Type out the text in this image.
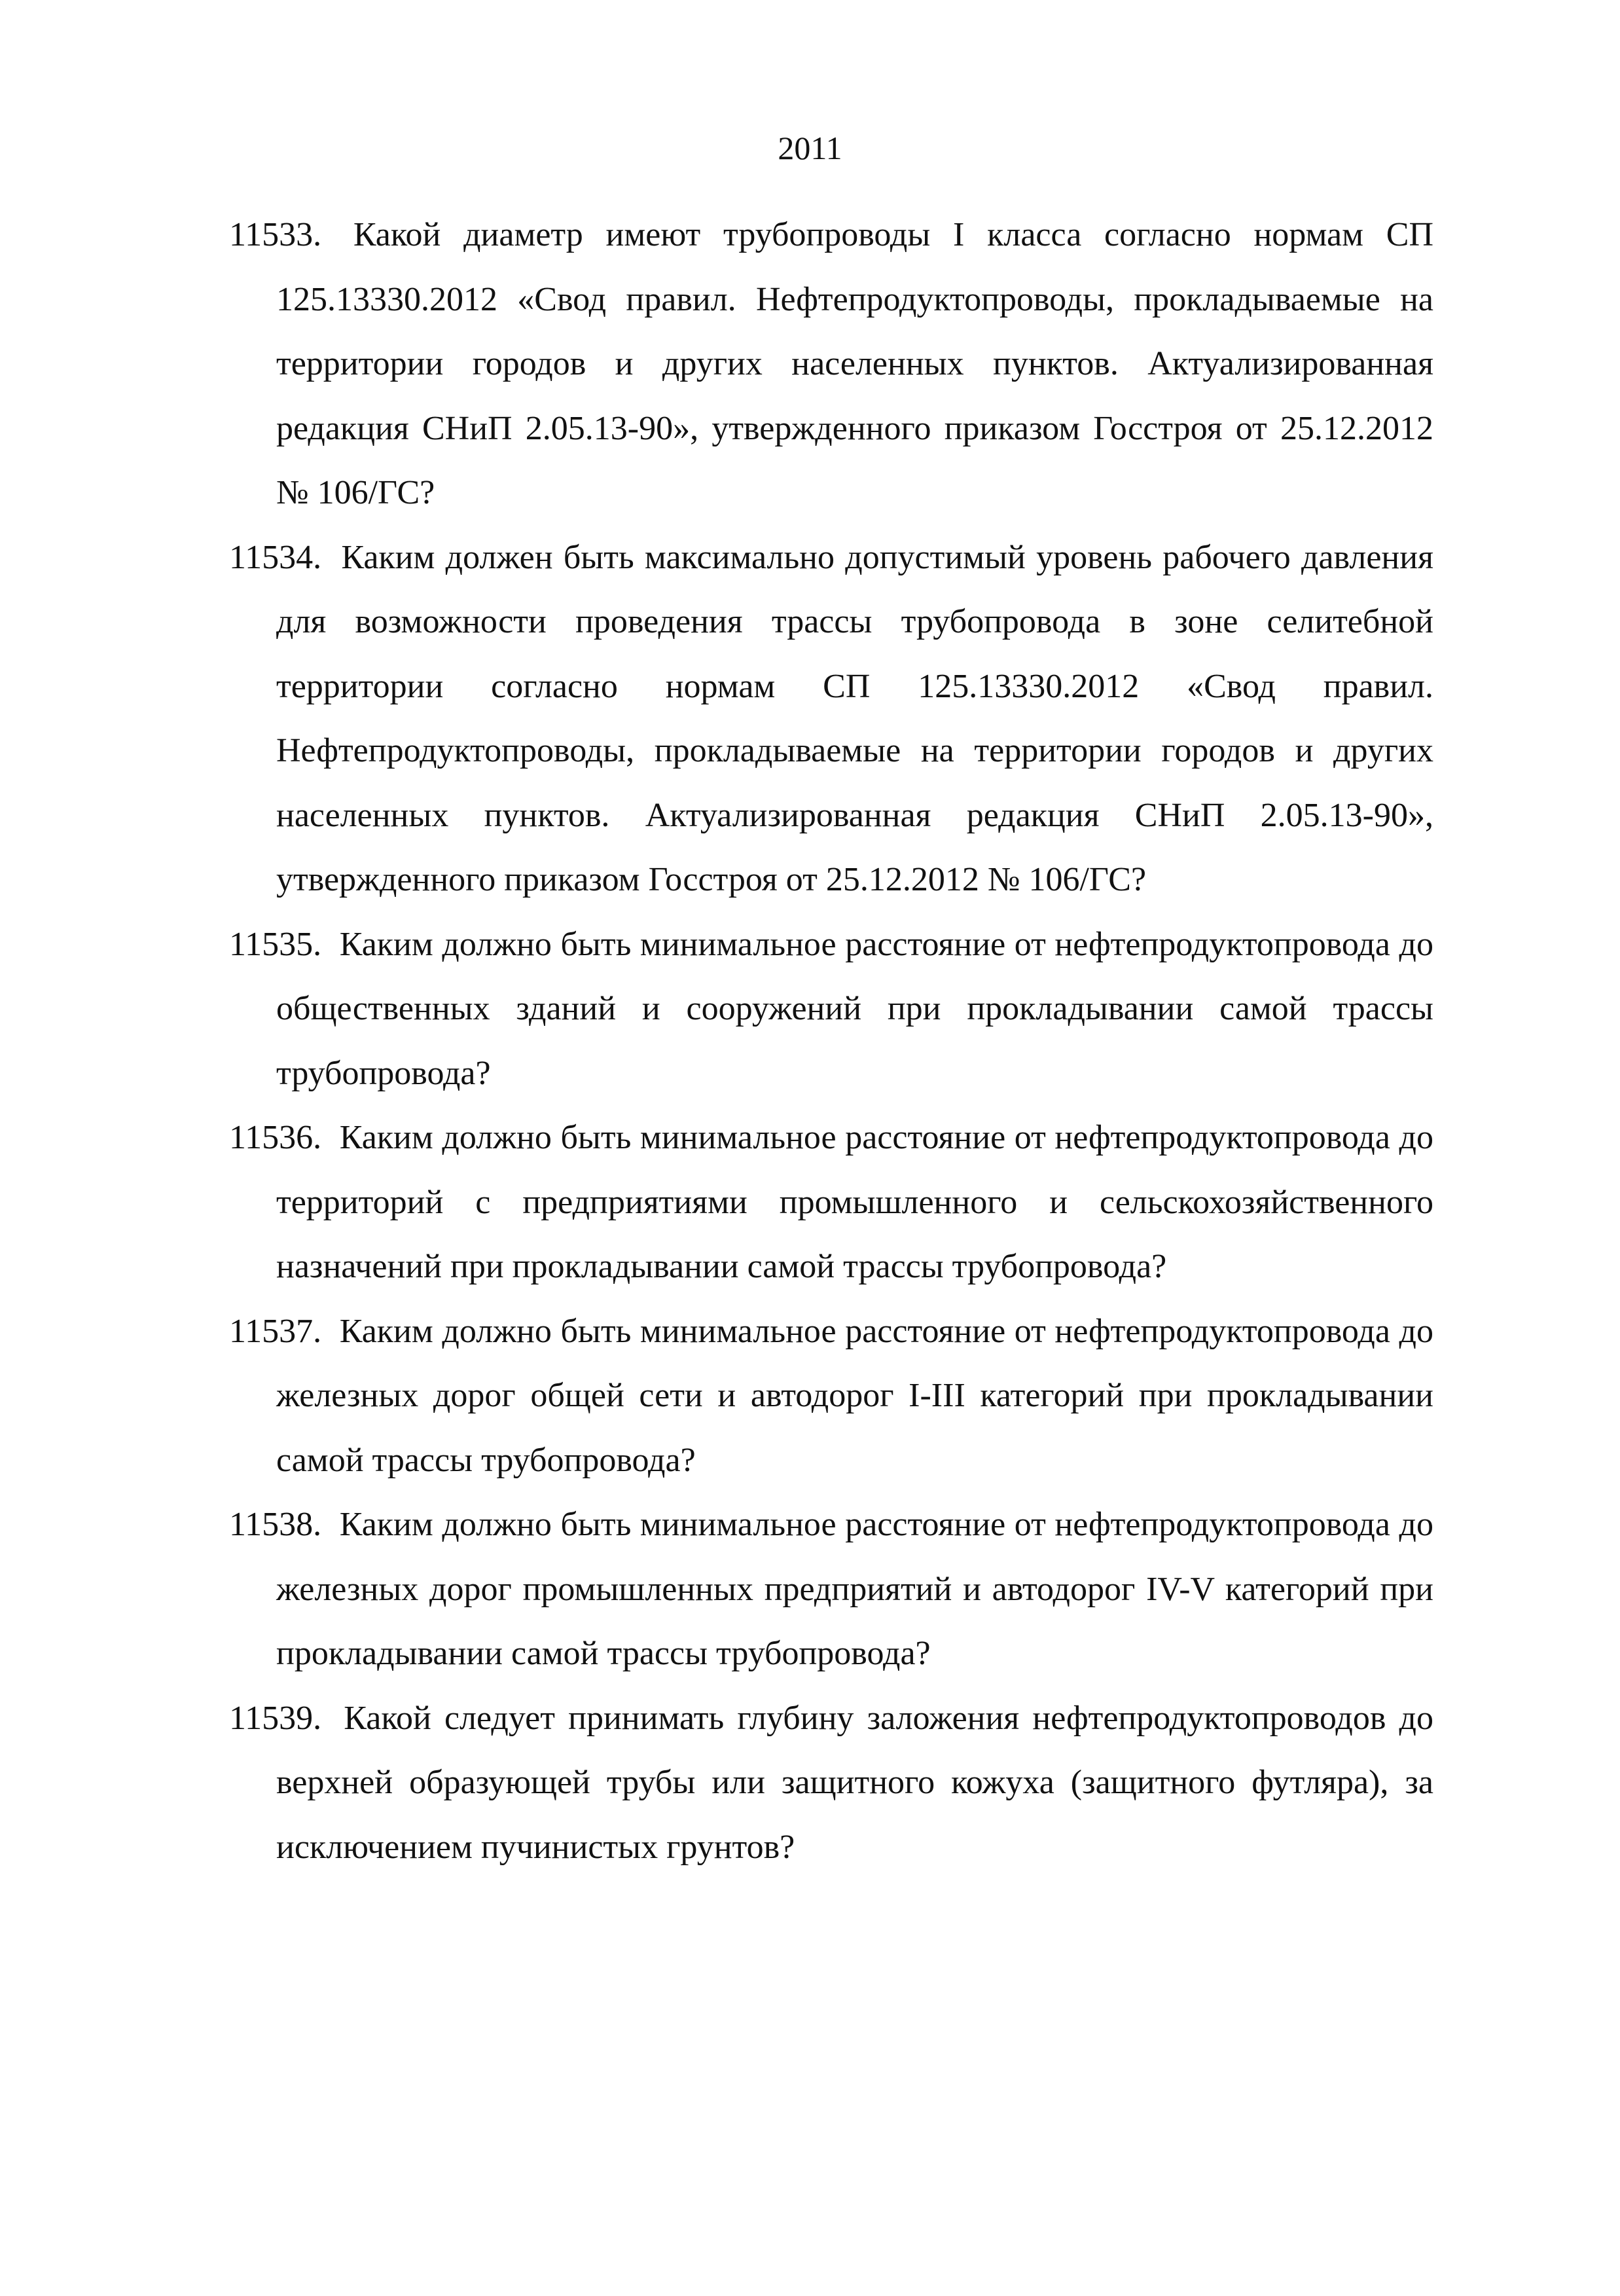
2011
11533. Какой диаметр имеют трубопроводы I класса согласно нормам СП 125.13330.2012 «Свод правил. Нефтепродуктопроводы, прокладываемые на территории городов и других населенных пунктов. Актуализированная редакция СНиП 2.05.13-90», утвержденного приказом Госстроя от 25.12.2012 № 106/ГС?
11534. Каким должен быть максимально допустимый уровень рабочего давления для возможности проведения трассы трубопровода в зоне селитебной территории согласно нормам СП 125.13330.2012 «Свод правил. Нефтепродуктопроводы, прокладываемые на территории городов и других населенных пунктов. Актуализированная редакция СНиП 2.05.13-90», утвержденного приказом Госстроя от 25.12.2012 № 106/ГС?
11535. Каким должно быть минимальное расстояние от нефтепродуктопровода до общественных зданий и сооружений при прокладывании самой трассы трубопровода?
11536. Каким должно быть минимальное расстояние от нефтепродуктопровода до территорий с предприятиями промышленного и сельскохозяйственного назначений при прокладывании самой трассы трубопровода?
11537. Каким должно быть минимальное расстояние от нефтепродуктопровода до железных дорог общей сети и автодорог I-III категорий при прокладывании самой трассы трубопровода?
11538. Каким должно быть минимальное расстояние от нефтепродуктопровода до железных дорог промышленных предприятий и автодорог IV-V категорий при прокладывании самой трассы трубопровода?
11539. Какой следует принимать глубину заложения нефтепродуктопроводов до верхней образующей трубы или защитного кожуха (защитного футляра), за исключением пучинистых грунтов?
